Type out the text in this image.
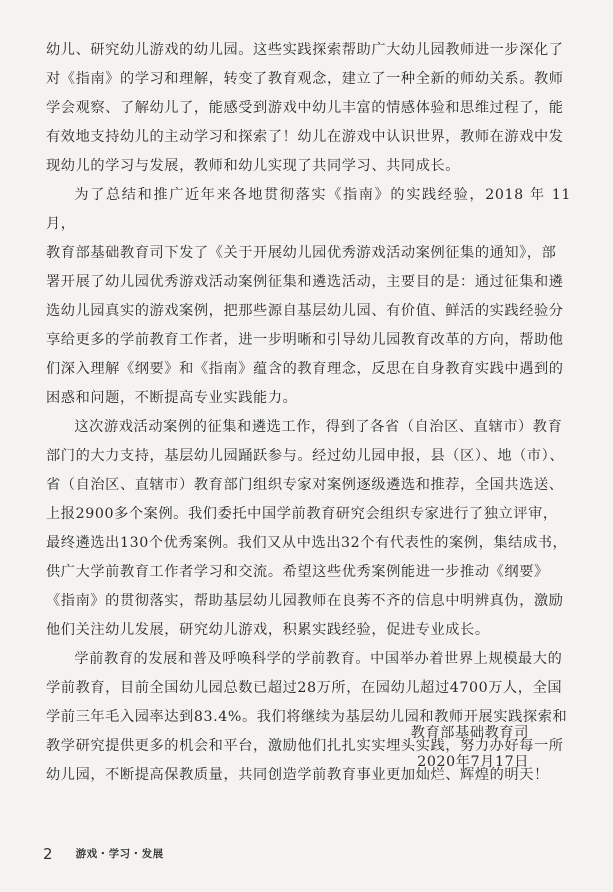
幼儿、研究幼儿游戏的幼儿园。这些实践探索帮助广大幼儿园教师进一步深化了
对《指南》的学习和理解，转变了教育观念，建立了一种全新的师幼关系。教师
学会观察、了解幼儿了，能感受到游戏中幼儿丰富的情感体验和思维过程了，能
有效地支持幼儿的主动学习和探索了！幼儿在游戏中认识世界，教师在游戏中发
现幼儿的学习与发展，教师和幼儿实现了共同学习、共同成长。

为了总结和推广近年来各地贯彻落实《指南》的实践经验，2018 年 11 月，
教育部基础教育司下发了《关于开展幼儿园优秀游戏活动案例征集的通知》，部
署开展了幼儿园优秀游戏活动案例征集和遴选活动，主要目的是：通过征集和遴
选幼儿园真实的游戏案例，把那些源自基层幼儿园、有价值、鲜活的实践经验分
享给更多的学前教育工作者，进一步明晰和引导幼儿园教育改革的方向，帮助他
们深入理解《纲要》和《指南》蕴含的教育理念，反思在自身教育实践中遇到的
困惑和问题，不断提高专业实践能力。

这次游戏活动案例的征集和遴选工作，得到了各省（自治区、直辖市）教育
部门的大力支持，基层幼儿园踊跃参与。经过幼儿园申报，县（区）、地（市）、
省（自治区、直辖市）教育部门组织专家对案例逐级遴选和推荐，全国共选送、
上报2900多个案例。我们委托中国学前教育研究会组织专家进行了独立评审，
最终遴选出130个优秀案例。我们又从中选出32个有代表性的案例，集结成书，
供广大学前教育工作者学习和交流。希望这些优秀案例能进一步推动《纲要》
《指南》的贯彻落实，帮助基层幼儿园教师在良莠不齐的信息中明辨真伪，激励
他们关注幼儿发展，研究幼儿游戏，积累实践经验，促进专业成长。

学前教育的发展和普及呼唤科学的学前教育。中国举办着世界上规模最大的
学前教育，目前全国幼儿园总数已超过28万所，在园幼儿超过4700万人，全国
学前三年毛入园率达到83.4%。我们将继续为基层幼儿园和教师开展实践探索和
教学研究提供更多的机会和平台，激励他们扎扎实实埋头实践，努力办好每一所
幼儿园，不断提高保教质量，共同创造学前教育事业更加灿烂、辉煌的明天！

教育部基础教育司
2020年7月17日
2 游戏・学习・发展
